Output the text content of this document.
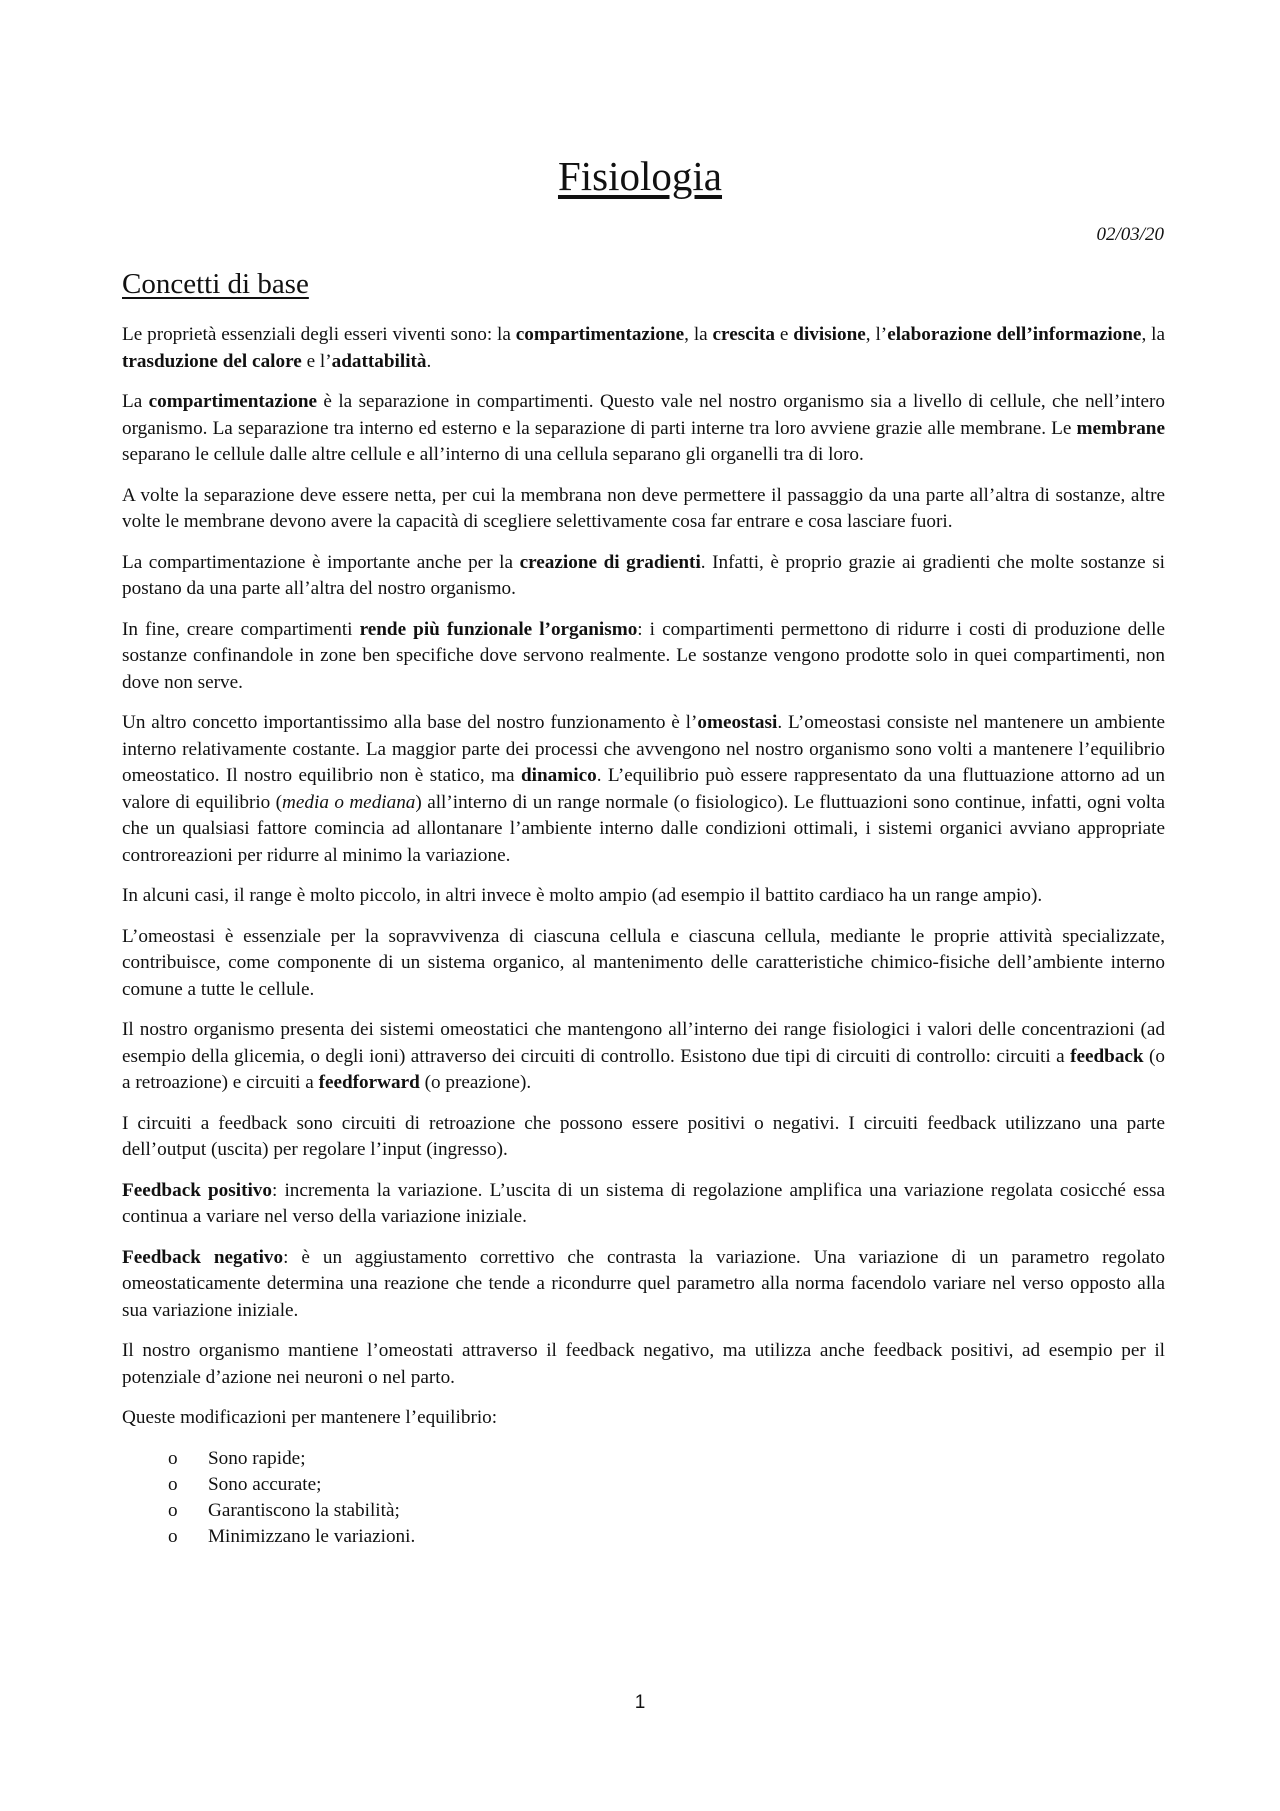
Fisiologia
02/03/20
Concetti di base

Le proprietà essenziali degli esseri viventi sono: la compartimentazione, la crescita e divisione, l’elaborazione dell’informazione, la trasduzione del calore e l’adattabilità.

La compartimentazione è la separazione in compartimenti. Questo vale nel nostro organismo sia a livello di cellule, che nell’intero organismo. La separazione tra interno ed esterno e la separazione di parti interne tra loro avviene grazie alle membrane. Le membrane separano le cellule dalle altre cellule e all’interno di una cellula separano gli organelli tra di loro.

A volte la separazione deve essere netta, per cui la membrana non deve permettere il passaggio da una parte all’altra di sostanze, altre volte le membrane devono avere la capacità di scegliere selettivamente cosa far entrare e cosa lasciare fuori.

La compartimentazione è importante anche per la creazione di gradienti. Infatti, è proprio grazie ai gradienti che molte sostanze si postano da una parte all’altra del nostro organismo.

In fine, creare compartimenti rende più funzionale l’organismo: i compartimenti permettono di ridurre i costi di produzione delle sostanze confinandole in zone ben specifiche dove servono realmente. Le sostanze vengono prodotte solo in quei compartimenti, non dove non serve.

Un altro concetto importantissimo alla base del nostro funzionamento è l’omeostasi. L’omeostasi consiste nel mantenere un ambiente interno relativamente costante. La maggior parte dei processi che avvengono nel nostro organismo sono volti a mantenere l’equilibrio omeostatico. Il nostro equilibrio non è statico, ma dinamico. L’equilibrio può essere rappresentato da una fluttuazione attorno ad un valore di equilibrio (media o mediana) all’interno di un range normale (o fisiologico). Le fluttuazioni sono continue, infatti, ogni volta che un qualsiasi fattore comincia ad allontanare l’ambiente interno dalle condizioni ottimali, i sistemi organici avviano appropriate controreazioni per ridurre al minimo la variazione.

In alcuni casi, il range è molto piccolo, in altri invece è molto ampio (ad esempio il battito cardiaco ha un range ampio).

L’omeostasi è essenziale per la sopravvivenza di ciascuna cellula e ciascuna cellula, mediante le proprie attività specializzate, contribuisce, come componente di un sistema organico, al mantenimento delle caratteristiche chimico-fisiche dell’ambiente interno comune a tutte le cellule.

Il nostro organismo presenta dei sistemi omeostatici che mantengono all’interno dei range fisiologici i valori delle concentrazioni (ad esempio della glicemia, o degli ioni) attraverso dei circuiti di controllo. Esistono due tipi di circuiti di controllo: circuiti a feedback (o a retroazione) e circuiti a feedforward (o preazione).

I circuiti a feedback sono circuiti di retroazione che possono essere positivi o negativi. I circuiti feedback utilizzano una parte dell’output (uscita) per regolare l’input (ingresso).

Feedback positivo: incrementa la variazione. L’uscita di un sistema di regolazione amplifica una variazione regolata cosicché essa continua a variare nel verso della variazione iniziale.

Feedback negativo: è un aggiustamento correttivo che contrasta la variazione. Una variazione di un parametro regolato omeostaticamente determina una reazione che tende a ricondurre quel parametro alla norma facendolo variare nel verso opposto alla sua variazione iniziale.

Il nostro organismo mantiene l’omeostati attraverso il feedback negativo, ma utilizza anche feedback positivi, ad esempio per il potenziale d’azione nei neuroni o nel parto.

Queste modificazioni per mantenere l’equilibrio:

o	Sono rapide;
o	Sono accurate;
o	Garantiscono la stabilità;
o	Minimizzano le variazioni.
1
